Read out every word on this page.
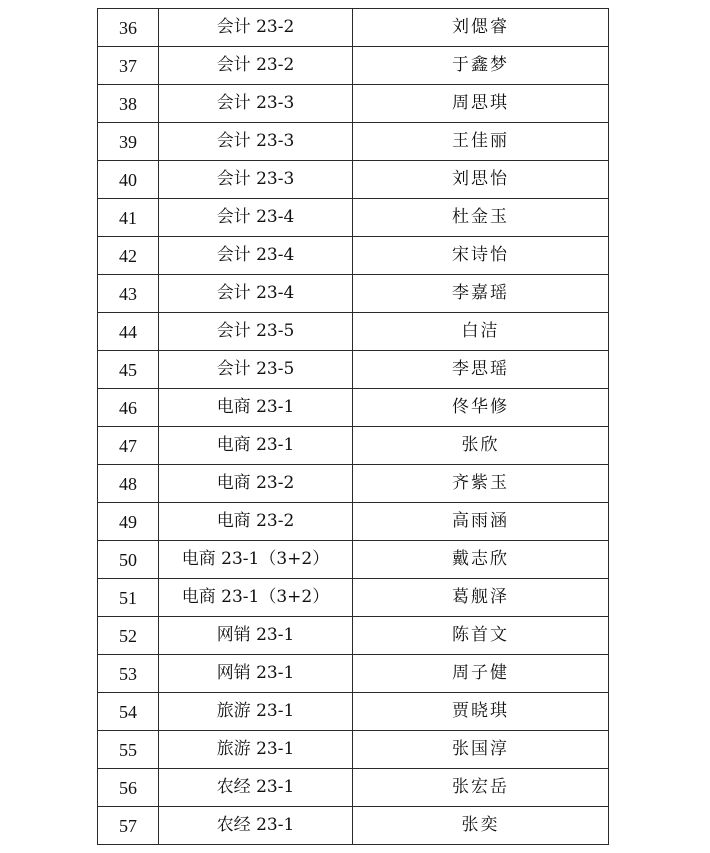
36	会计 23-2	刘偲睿
37	会计 23-2	于鑫梦
38	会计 23-3	周思琪
39	会计 23-3	王佳丽
40	会计 23-3	刘思怡
41	会计 23-4	杜金玉
42	会计 23-4	宋诗怡
43	会计 23-4	李嘉瑶
44	会计 23-5	白洁
45	会计 23-5	李思瑶
46	电商 23-1	佟华修
47	电商 23-1	张欣
48	电商 23-2	齐紫玉
49	电商 23-2	高雨涵
50	电商 23-1（3+2）	戴志欣
51	电商 23-1（3+2）	葛舰泽
52	网销 23-1	陈首文
53	网销 23-1	周子健
54	旅游 23-1	贾晓琪
55	旅游 23-1	张国淳
56	农经 23-1	张宏岳
57	农经 23-1	张奕
